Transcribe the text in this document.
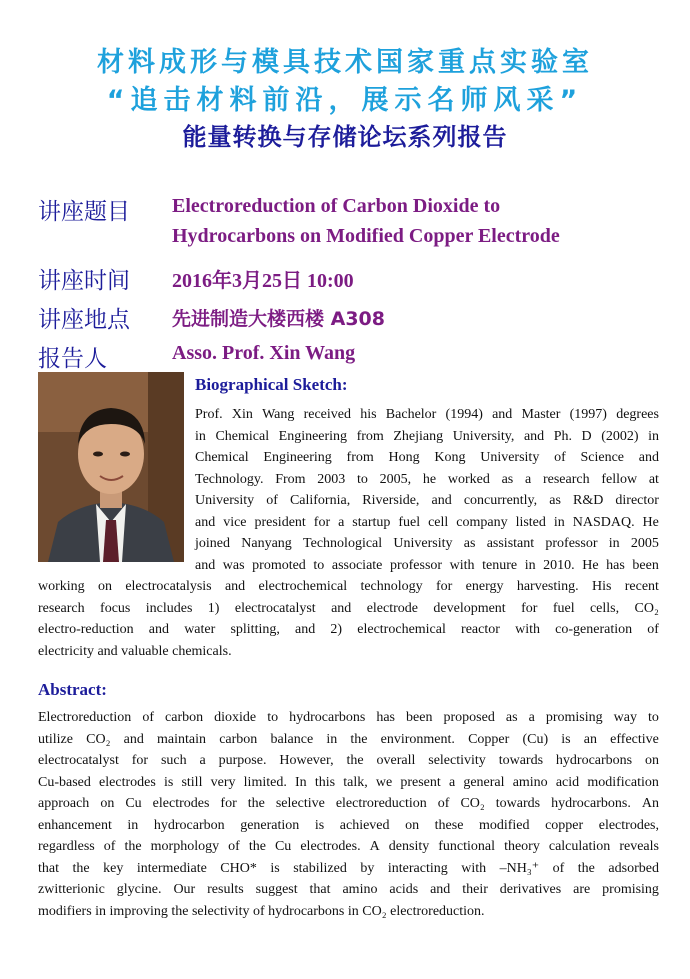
材料成形与模具技术国家重点实验室
“追击材料前沿，展示名师风采”
能量转换与存储论坛系列报告
讲座题目 Electroreduction of Carbon Dioxide to
Hydrocarbons on Modified Copper Electrode
讲座时间 2016年3月25日 10:00
讲座地点 先进制造大楼西楼 A308
报告人	Asso. Prof. Xin Wang
Biographical Sketch:
Prof. Xin Wang received his Bachelor (1994) and Master (1997) degrees
in Chemical Engineering from Zhejiang University, and Ph. D (2002) in
Chemical Engineering from Hong Kong University of Science and
Technology. From 2003 to 2005, he worked as a research fellow at
University of California, Riverside, and concurrently, as R&D director
and vice president for a startup fuel cell company listed in NASDAQ. He
joined Nanyang Technological University as assistant professor in 2005
and was promoted to associate professor with tenure in 2010. He has been
working on electrocatalysis and electrochemical technology for energy harvesting. His recent
research focus includes 1) electrocatalyst and electrode development for fuel cells, CO₂
electro-reduction and water splitting, and 2) electrochemical reactor with co-generation of
electricity and valuable chemicals.
Abstract:
Electroreduction of carbon dioxide to hydrocarbons has been proposed as a promising way to
utilize CO₂ and maintain carbon balance in the environment. Copper (Cu) is an effective
electrocatalyst for such a purpose. However, the overall selectivity towards hydrocarbons on
Cu-based electrodes is still very limited. In this talk, we present a general amino acid modification
approach on Cu electrodes for the selective electroreduction of CO₂ towards hydrocarbons. An
enhancement in hydrocarbon generation is achieved on these modified copper electrodes,
regardless of the morphology of the Cu electrodes. A density functional theory calculation reveals
that the key intermediate CHO* is stabilized by interacting with –NH₃⁺ of the adsorbed
zwitterionic glycine. Our results suggest that amino acids and their derivatives are promising
modifiers in improving the selectivity of hydrocarbons in CO₂ electroreduction.
